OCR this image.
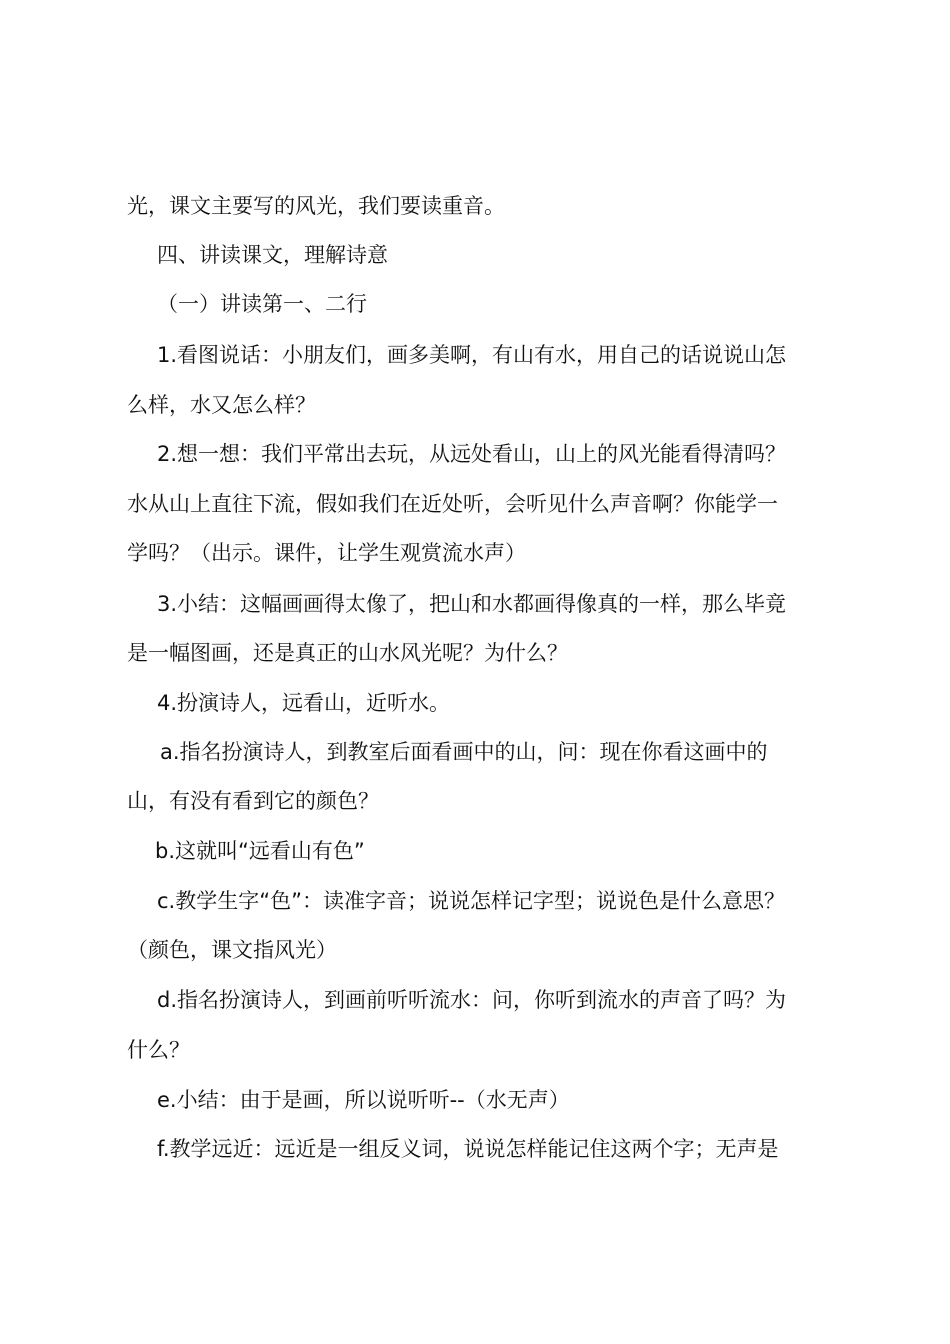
光，课文主要写的风光，我们要读重音。
四、讲读课文，理解诗意
（一）讲读第一、二行
1.看图说话：小朋友们，画多美啊，有山有水，用自己的话说说山怎
么样，水又怎么样？
2.想一想：我们平常出去玩，从远处看山，山上的风光能看得清吗？
水从山上直往下流，假如我们在近处听，会听见什么声音啊？你能学一
学吗？（出示。课件，让学生观赏流水声）
3.小结：这幅画画得太像了，把山和水都画得像真的一样，那么毕竟
是一幅图画，还是真正的山水风光呢？为什么？
4.扮演诗人，远看山，近听水。
a.指名扮演诗人，到教室后面看画中的山，问：现在你看这画中的
山，有没有看到它的颜色？
b.这就叫“远看山有色”
c.教学生字“色”：读准字音；说说怎样记字型；说说色是什么意思？
（颜色，课文指风光）
d.指名扮演诗人，到画前听听流水：问，你听到流水的声音了吗？为
什么？
e.小结：由于是画，所以说听听--（水无声）
f.教学远近：远近是一组反义词，说说怎样能记住这两个字；无声是
